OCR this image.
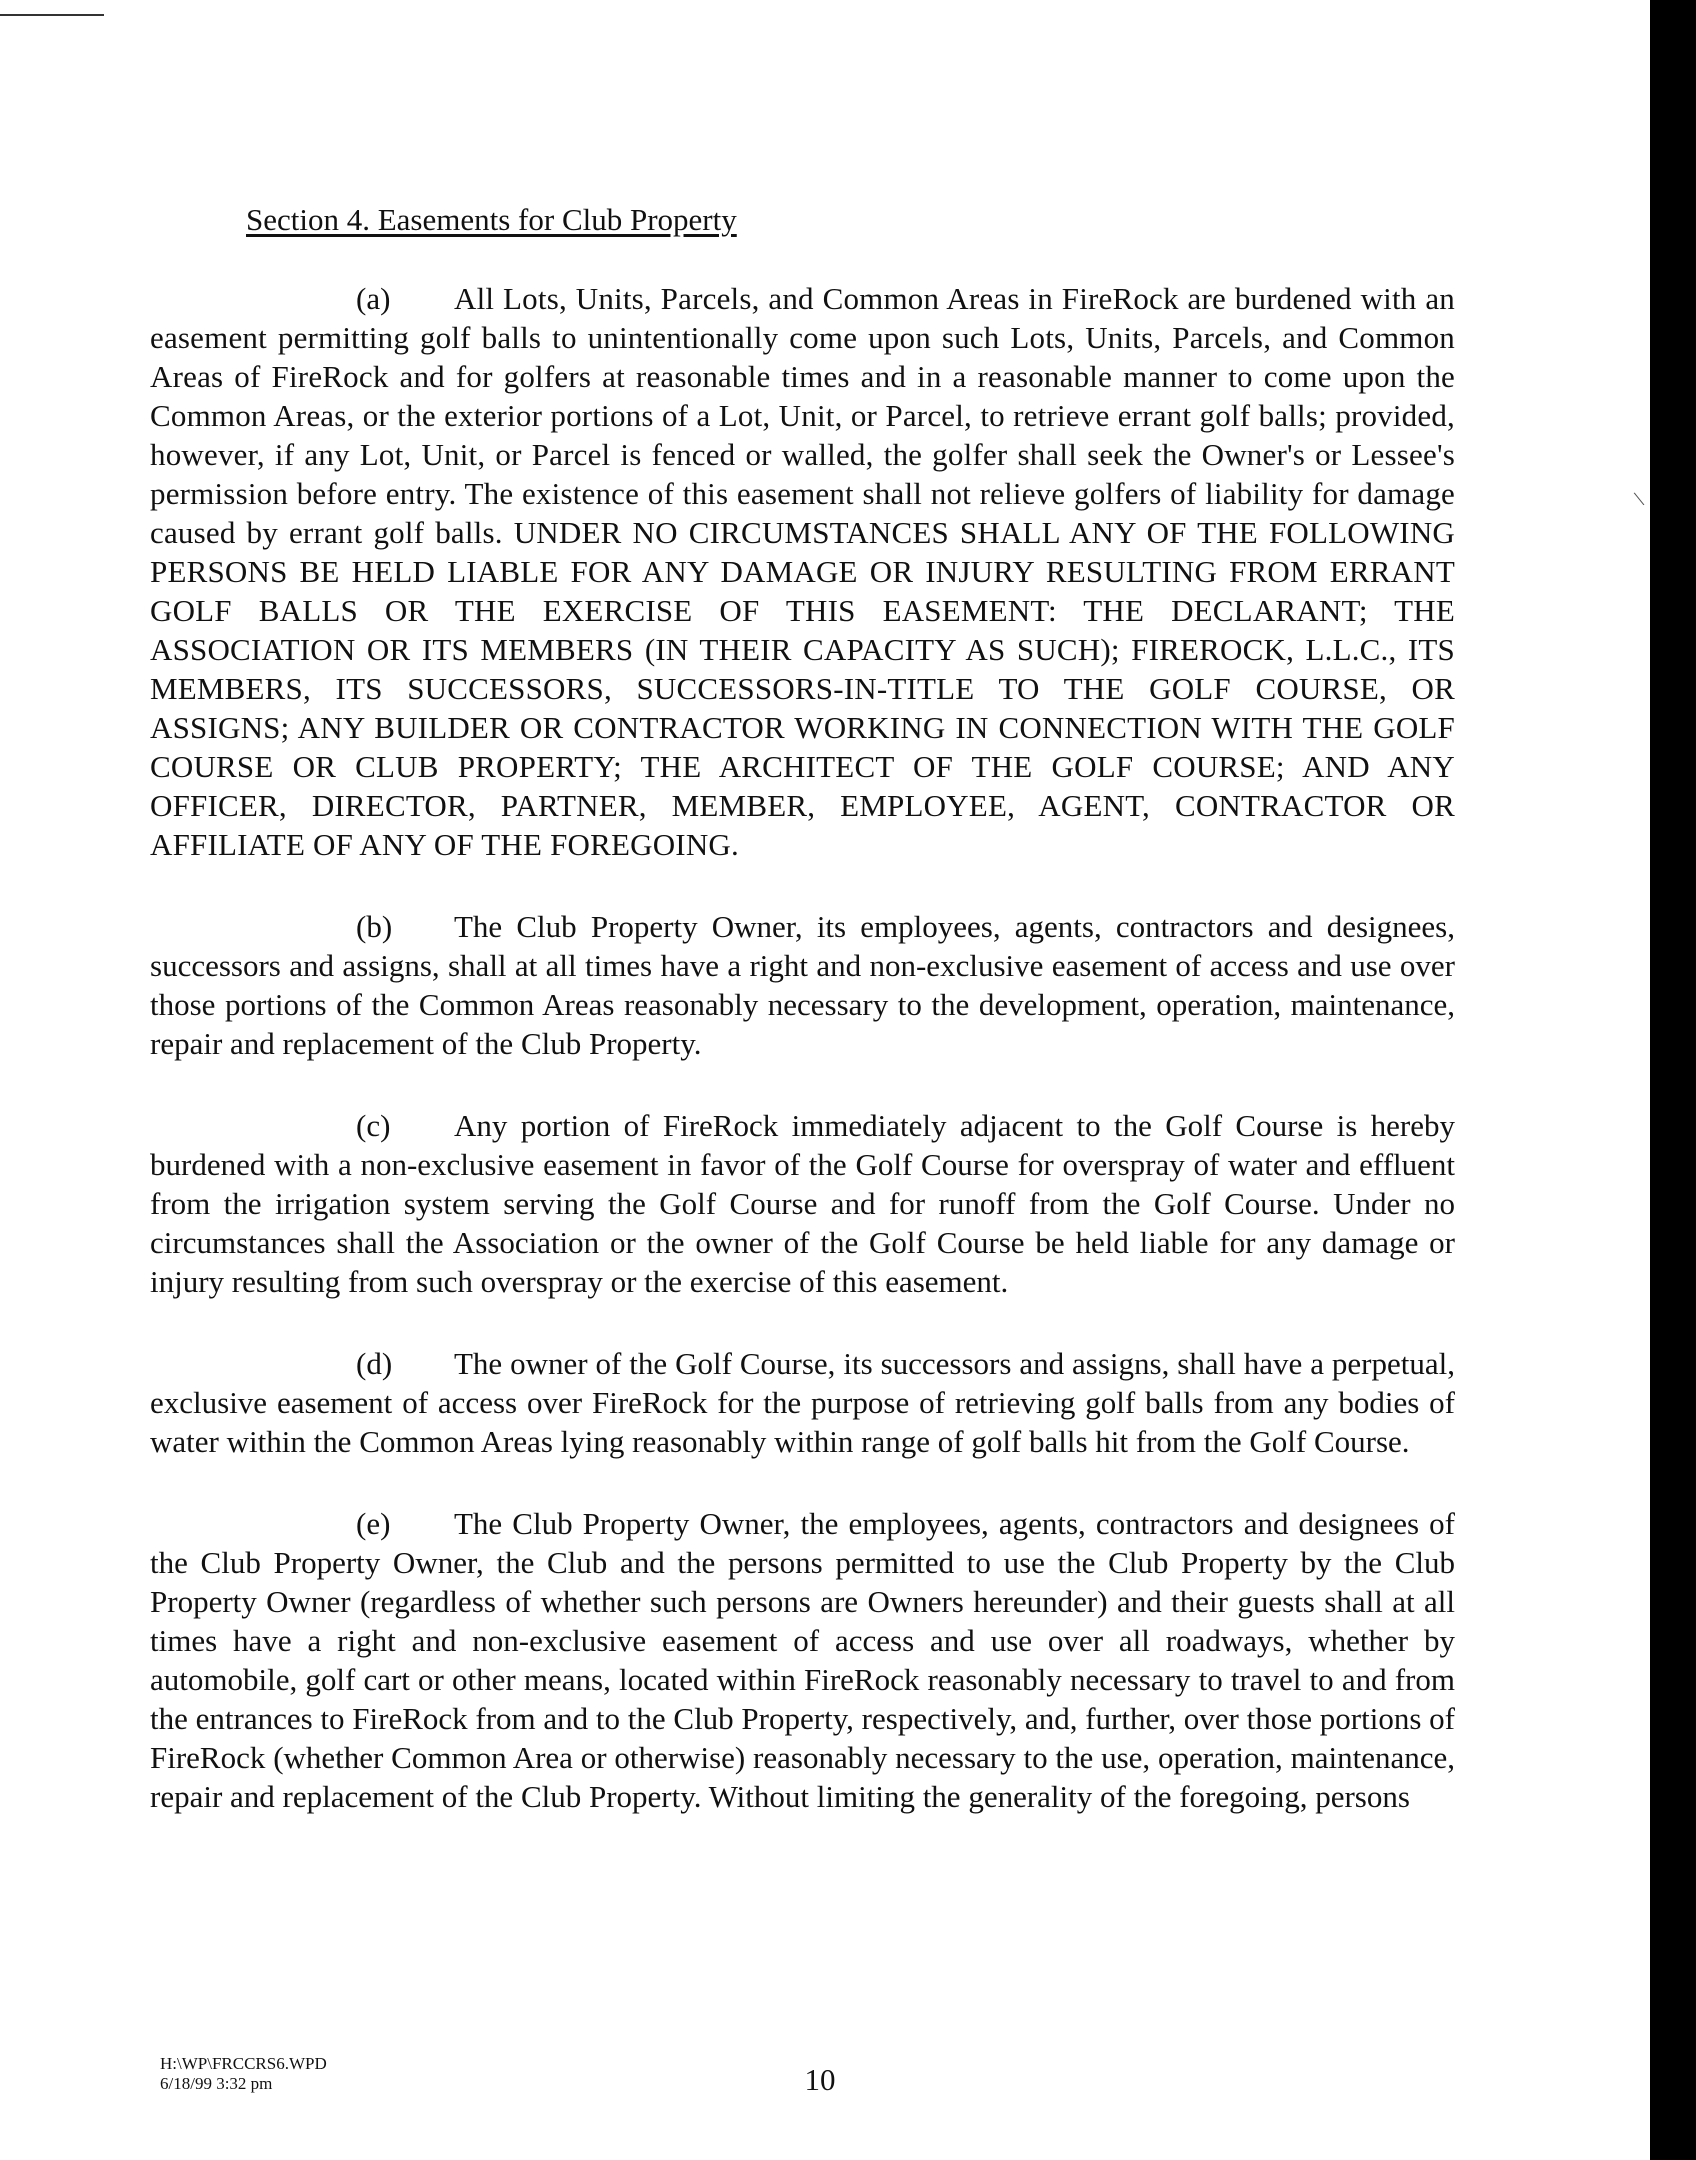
\
Section 4. Easements for Club Property

(a) All Lots, Units, Parcels, and Common Areas in FireRock are burdened with an easement permitting golf balls to unintentionally come upon such Lots, Units, Parcels, and Common Areas of FireRock and for golfers at reasonable times and in a reasonable manner to come upon the Common Areas, or the exterior portions of a Lot, Unit, or Parcel, to retrieve errant golf balls; provided, however, if any Lot, Unit, or Parcel is fenced or walled, the golfer shall seek the Owner's or Lessee's permission before entry. The existence of this easement shall not relieve golfers of liability for damage caused by errant golf balls. UNDER NO CIRCUMSTANCES SHALL ANY OF THE FOLLOWING PERSONS BE HELD LIABLE FOR ANY DAMAGE OR INJURY RESULTING FROM ERRANT GOLF BALLS OR THE EXERCISE OF THIS EASEMENT: THE DECLARANT; THE ASSOCIATION OR ITS MEMBERS (IN THEIR CAPACITY AS SUCH); FIREROCK, L.L.C., ITS MEMBERS, ITS SUCCESSORS, SUCCESSORS-IN-TITLE TO THE GOLF COURSE, OR ASSIGNS; ANY BUILDER OR CONTRACTOR WORKING IN CONNECTION WITH THE GOLF COURSE OR CLUB PROPERTY; THE ARCHITECT OF THE GOLF COURSE; AND ANY OFFICER, DIRECTOR, PARTNER, MEMBER, EMPLOYEE, AGENT, CONTRACTOR OR AFFILIATE OF ANY OF THE FOREGOING.

(b) The Club Property Owner, its employees, agents, contractors and designees, successors and assigns, shall at all times have a right and non-exclusive easement of access and use over those portions of the Common Areas reasonably necessary to the development, operation, maintenance, repair and replacement of the Club Property.

(c) Any portion of FireRock immediately adjacent to the Golf Course is hereby burdened with a non-exclusive easement in favor of the Golf Course for overspray of water and effluent from the irrigation system serving the Golf Course and for runoff from the Golf Course. Under no circumstances shall the Association or the owner of the Golf Course be held liable for any damage or injury resulting from such overspray or the exercise of this easement.

(d) The owner of the Golf Course, its successors and assigns, shall have a perpetual, exclusive easement of access over FireRock for the purpose of retrieving golf balls from any bodies of water within the Common Areas lying reasonably within range of golf balls hit from the Golf Course.

(e) The Club Property Owner, the employees, agents, contractors and designees of the Club Property Owner, the Club and the persons permitted to use the Club Property by the Club Property Owner (regardless of whether such persons are Owners hereunder) and their guests shall at all times have a right and non-exclusive easement of access and use over all roadways, whether by automobile, golf cart or other means, located within FireRock reasonably necessary to travel to and from the entrances to FireRock from and to the Club Property, respectively, and, further, over those portions of FireRock (whether Common Area or otherwise) reasonably necessary to the use, operation, maintenance, repair and replacement of the Club Property. Without limiting the generality of the foregoing, persons

H:\WP\FRCCRS6.WPD
6/18/99 3:32 pm	10
